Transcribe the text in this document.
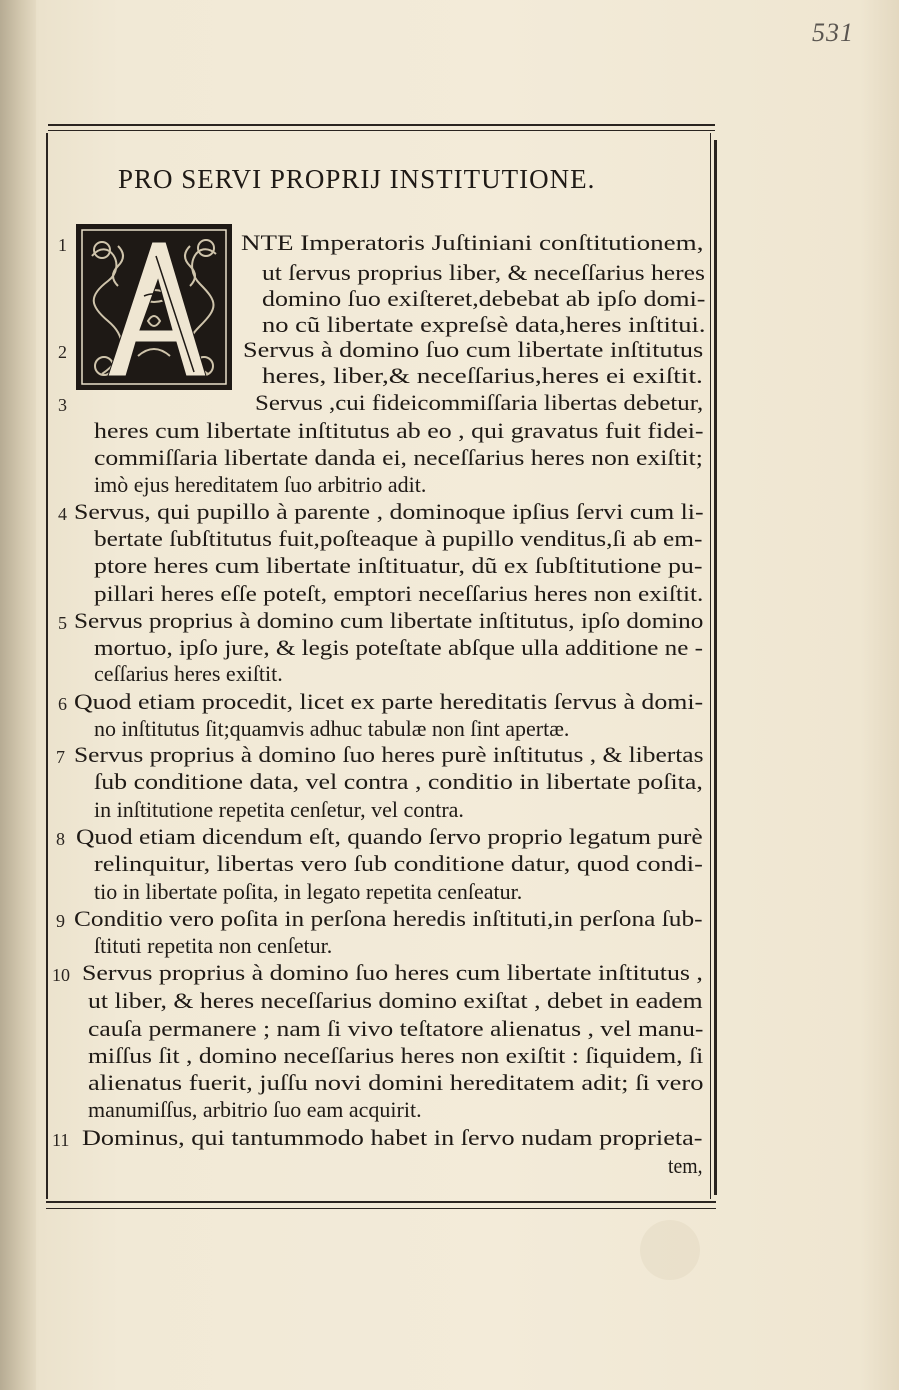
531
PRO SERVI PROPRIJ INSTITUTIONE.
NTE Imperatoris Juſtiniani conſtitutionem,
1
ut ſervus proprius liber, & neceſſarius heres
domino ſuo exiſteret,debebat ab ipſo domi-
no cũ libertate expreſsè data,heres inſtitui.
Servus à domino ſuo cum libertate inſtitutus
2
heres, liber,& neceſſarius,heres ei exiſtit.
Servus ,cui fideicommiſſaria libertas debetur,
3
heres cum libertate inſtitutus ab eo , qui gravatus fuit fidei-
commiſſaria libertate danda ei, neceſſarius heres non exiſtit;
imò ejus hereditatem ſuo arbitrio adit.
Servus, qui pupillo à parente , dominoque ipſius ſervi cum li-
4
bertate ſubſtitutus fuit,poſteaque à pupillo venditus,ſi ab em-
ptore heres cum libertate inſtituatur, dũ ex ſubſtitutione pu-
pillari heres eſſe poteſt, emptori neceſſarius heres non exiſtit.
Servus proprius à domino cum libertate inſtitutus, ipſo domino
5
mortuo, ipſo jure, & legis poteſtate abſque ulla additione ne -
ceſſarius heres exiſtit.
Quod etiam procedit, licet ex parte hereditatis ſervus à domi-
6
no inſtitutus ſit;quamvis adhuc tabulæ non ſint apertæ.
Servus proprius à domino ſuo heres purè inſtitutus , & libertas
7
ſub conditione data, vel contra , conditio in libertate poſita,
in inſtitutione repetita cenſetur, vel contra.
Quod etiam dicendum eſt, quando ſervo proprio legatum purè
8
relinquitur, libertas vero ſub conditione datur, quod condi-
tio in libertate poſita, in legato repetita cenſeatur.
Conditio vero poſita in perſona heredis inſtituti,in perſona ſub-
9
ſtituti repetita non cenſetur.
Servus proprius à domino ſuo heres cum libertate inſtitutus ,
10
ut liber, & heres neceſſarius domino exiſtat , debet in eadem
cauſa permanere ; nam ſi vivo teſtatore alienatus , vel manu-
miſſus ſit , domino neceſſarius heres non exiſtit : ſiquidem, ſi
alienatus fuerit, juſſu novi domini hereditatem adit; ſi vero
manumiſſus, arbitrio ſuo eam acquirit.
Dominus, qui tantummodo habet in ſervo nudam proprieta-
11
tem,
